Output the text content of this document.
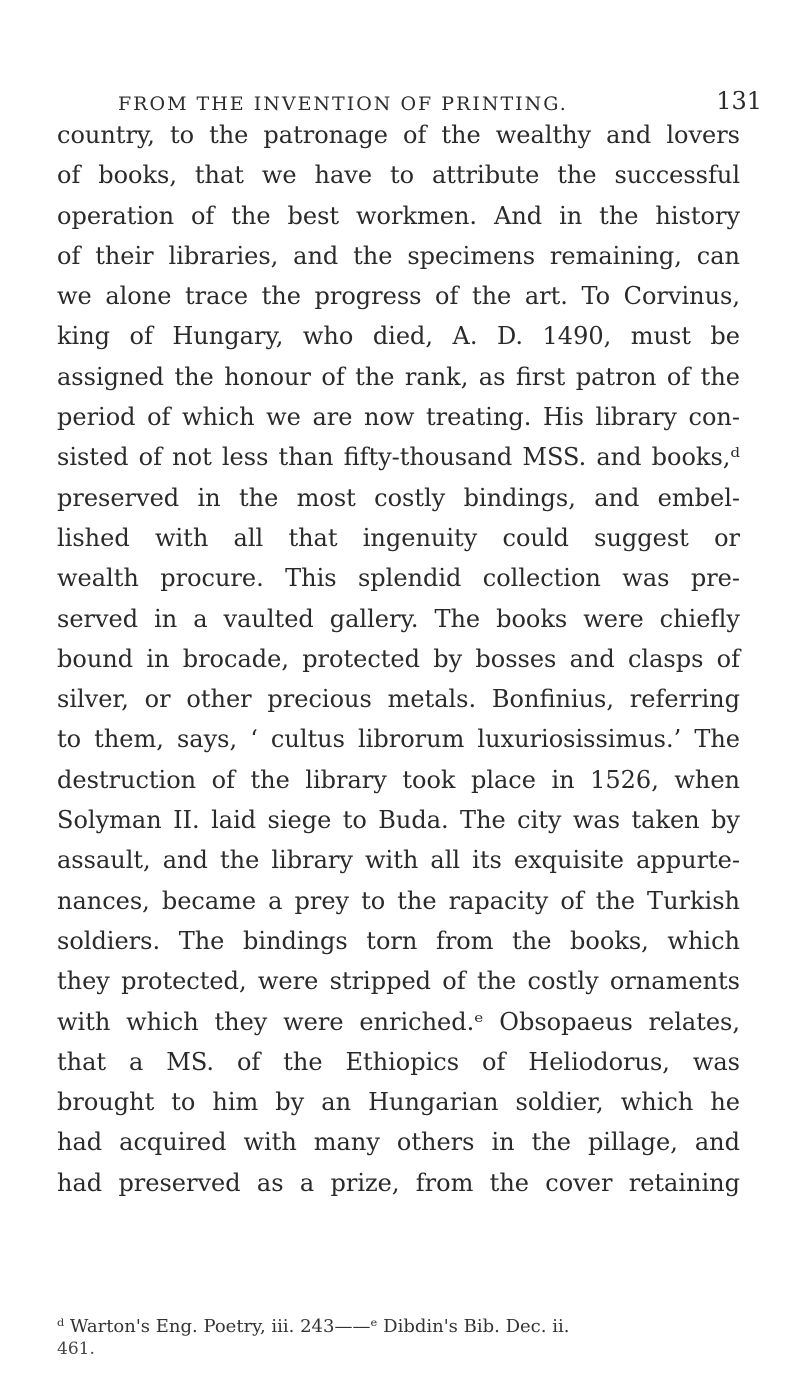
FROM THE INVENTION OF PRINTING.	131
country, to the patronage of the wealthy and lovers
of books, that we have to attribute the successful
operation of the best workmen. And in the history
of their libraries, and the specimens remaining, can
we alone trace the progress of the art. To Corvinus,
king of Hungary, who died, A. D. 1490, must be
assigned the honour of the rank, as first patron of the
period of which we are now treating. His library con-
sisted of not less than fifty-thousand MSS. and books,ᵈ
preserved in the most costly bindings, and embel-
lished with all that ingenuity could suggest or
wealth procure. This splendid collection was pre-
served in a vaulted gallery. The books were chiefly
bound in brocade, protected by bosses and clasps of
silver, or other precious metals. Bonfinius, referring
to them, says, ‘ cultus librorum luxuriosissimus.’ The
destruction of the library took place in 1526, when
Solyman II. laid siege to Buda. The city was taken by
assault, and the library with all its exquisite appurte-
nances, became a prey to the rapacity of the Turkish
soldiers. The bindings torn from the books, which
they protected, were stripped of the costly ornaments
with which they were enriched.ᵉ Obsopaeus relates,
that a MS. of the Ethiopics of Heliodorus, was
brought to him by an Hungarian soldier, which he
had acquired with many others in the pillage, and
had preserved as a prize, from the cover retaining
ᵈ Warton's Eng. Poetry, iii. 243——ᵉ Dibdin's Bib. Dec. ii.
461.
